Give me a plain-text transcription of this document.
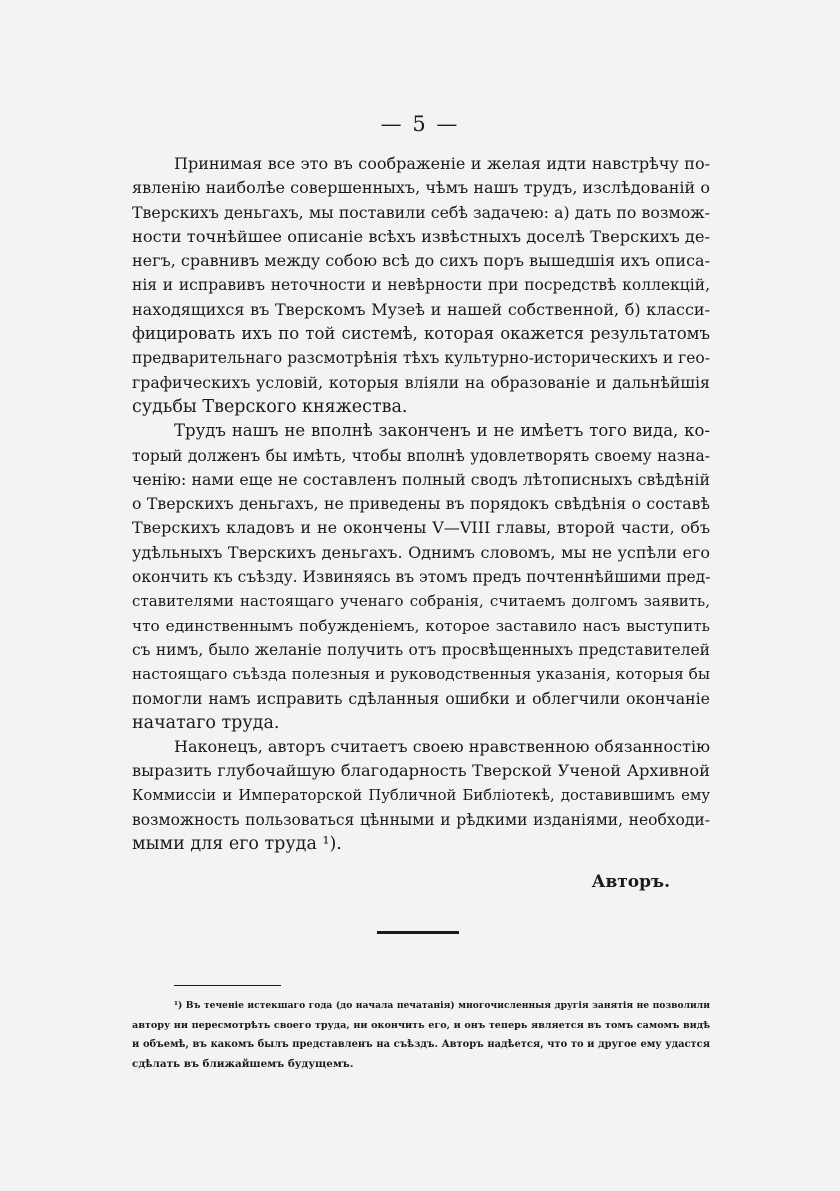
— 5 —
Принимая все это въ соображеніе и желая идти навстрѣчу по-
явленію наиболѣе совершенныхъ, чѣмъ нашъ трудъ, изслѣдованій о
Тверскихъ деньгахъ, мы поставили себѣ задачею: а) дать по возмож-
ности точнѣйшее описаніе всѣхъ извѣстныхъ доселѣ Тверскихъ де-
негъ, сравнивъ между собою всѣ до сихъ поръ вышедшія ихъ описа-
нія и исправивъ неточности и невѣрности при посредствѣ коллекцій,
находящихся въ Тверскомъ Музеѣ и нашей собственной, б) класси-
фицировать ихъ по той системѣ, которая окажется результатомъ
предварительнаго разсмотрѣнія тѣхъ культурно-историческихъ и гео-
графическихъ условій, которыя вліяли на образованіе и дальнѣйшія
судьбы Тверского княжества.
Трудъ нашъ не вполнѣ законченъ и не имѣетъ того вида, ко-
торый долженъ бы имѣть, чтобы вполнѣ удовлетворять своему назна-
ченію: нами еще не составленъ полный сводъ лѣтописныхъ свѣдѣній
о Тверскихъ деньгахъ, не приведены въ порядокъ свѣдѣнія о составѣ
Тверскихъ кладовъ и не окончены V—VIII главы, второй части, объ
удѣльныхъ Тверскихъ деньгахъ. Однимъ словомъ, мы не успѣли его
окончить къ съѣзду. Извиняясь въ этомъ предъ почтеннѣйшими пред-
ставителями настоящаго ученаго собранія, считаемъ долгомъ заявить,
что единственнымъ побужденіемъ, которое заставило насъ выступить
съ нимъ, было желаніе получить отъ просвѣщенныхъ представителей
настоящаго съѣзда полезныя и руководственныя указанія, которыя бы
помогли намъ исправить сдѣланныя ошибки и облегчили окончаніе
начатаго труда.
Наконецъ, авторъ считаетъ своею нравственною обязанностію
выразить глубочайшую благодарность Тверской Ученой Архивной
Коммиссіи и Императорской Публичной Библіотекѣ, доставившимъ ему
возможность пользоваться цѣнными и рѣдкими изданіями, необходи-
мыми для его труда ¹).
Авторъ.
¹) Въ теченіе истекшаго года (до начала печатанія) многочисленныя другія занятія не позволили
автору ни пересмотрѣть своего труда, ни окончить его, и онъ теперь является въ томъ самомъ видѣ
и объемѣ, въ какомъ былъ представленъ на съѣздъ. Авторъ надѣется, что то и другое ему удастся
сдѣлать въ ближайшемъ будущемъ.
